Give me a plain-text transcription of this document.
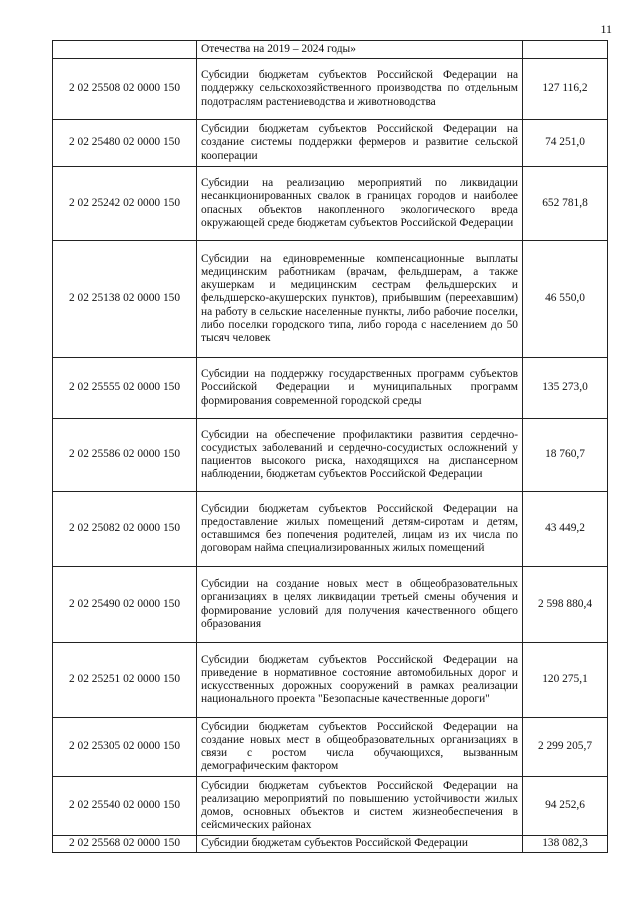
11
	Отечества на 2019 – 2024 годы»	
2 02 25508 02 0000 150	Субсидии бюджетам субъектов Российской Федерации на поддержку сельскохозяйственного производства по отдельным подотраслям растениеводства и животноводства	127 116,2
2 02 25480 02 0000 150	Субсидии бюджетам субъектов Российской Федерации на создание системы поддержки фермеров и развитие сельской кооперации	74 251,0
2 02 25242 02 0000 150	Субсидии на реализацию мероприятий по ликвидации несанкционированных свалок в границах городов и наиболее опасных объектов накопленного экологического вреда окружающей среде бюджетам субъектов Российской Федерации	652 781,8
2 02 25138 02 0000 150	Субсидии на единовременные компенсационные выплаты медицинским работникам (врачам, фельдшерам, а также акушеркам и медицинским сестрам фельдшерских и фельдшерско-акушерских пунктов), прибывшим (переехавшим) на работу в сельские населенные пункты, либо рабочие поселки, либо поселки городского типа, либо города с населением до 50 тысяч человек	46 550,0
2 02 25555 02 0000 150	Субсидии на поддержку государственных программ субъектов Российской Федерации и муниципальных программ формирования современной городской среды	135 273,0
2 02 25586 02 0000 150	Субсидии на обеспечение профилактики развития сердечно-сосудистых заболеваний и сердечно-сосудистых осложнений у пациентов высокого риска, находящихся на диспансерном наблюдении, бюджетам субъектов Российской Федерации	18 760,7
2 02 25082 02 0000 150	Субсидии бюджетам субъектов Российской Федерации на предоставление жилых помещений детям-сиротам и детям, оставшимся без попечения родителей, лицам из их числа по договорам найма специализированных жилых помещений	43 449,2
2 02 25490 02 0000 150	Субсидии на создание новых мест в общеобразовательных организациях в целях ликвидации третьей смены обучения и формирование условий для получения качественного общего образования	2 598 880,4
2 02 25251 02 0000 150	Субсидии бюджетам субъектов Российской Федерации на приведение в нормативное состояние автомобильных дорог и искусственных дорожных сооружений в рамках реализации национального проекта "Безопасные качественные дороги"	120 275,1
2 02 25305 02 0000 150	Субсидии бюджетам субъектов Российской Федерации на создание новых мест в общеобразовательных организациях в связи с ростом числа обучающихся, вызванным демографическим фактором	2 299 205,7
2 02 25540 02 0000 150	Субсидии бюджетам субъектов Российской Федерации на реализацию мероприятий по повышению устойчивости жилых домов, основных объектов и систем жизнеобеспечения в сейсмических районах	94 252,6
2 02 25568 02 0000 150	Субсидии бюджетам субъектов Российской Федерации	138 082,3
